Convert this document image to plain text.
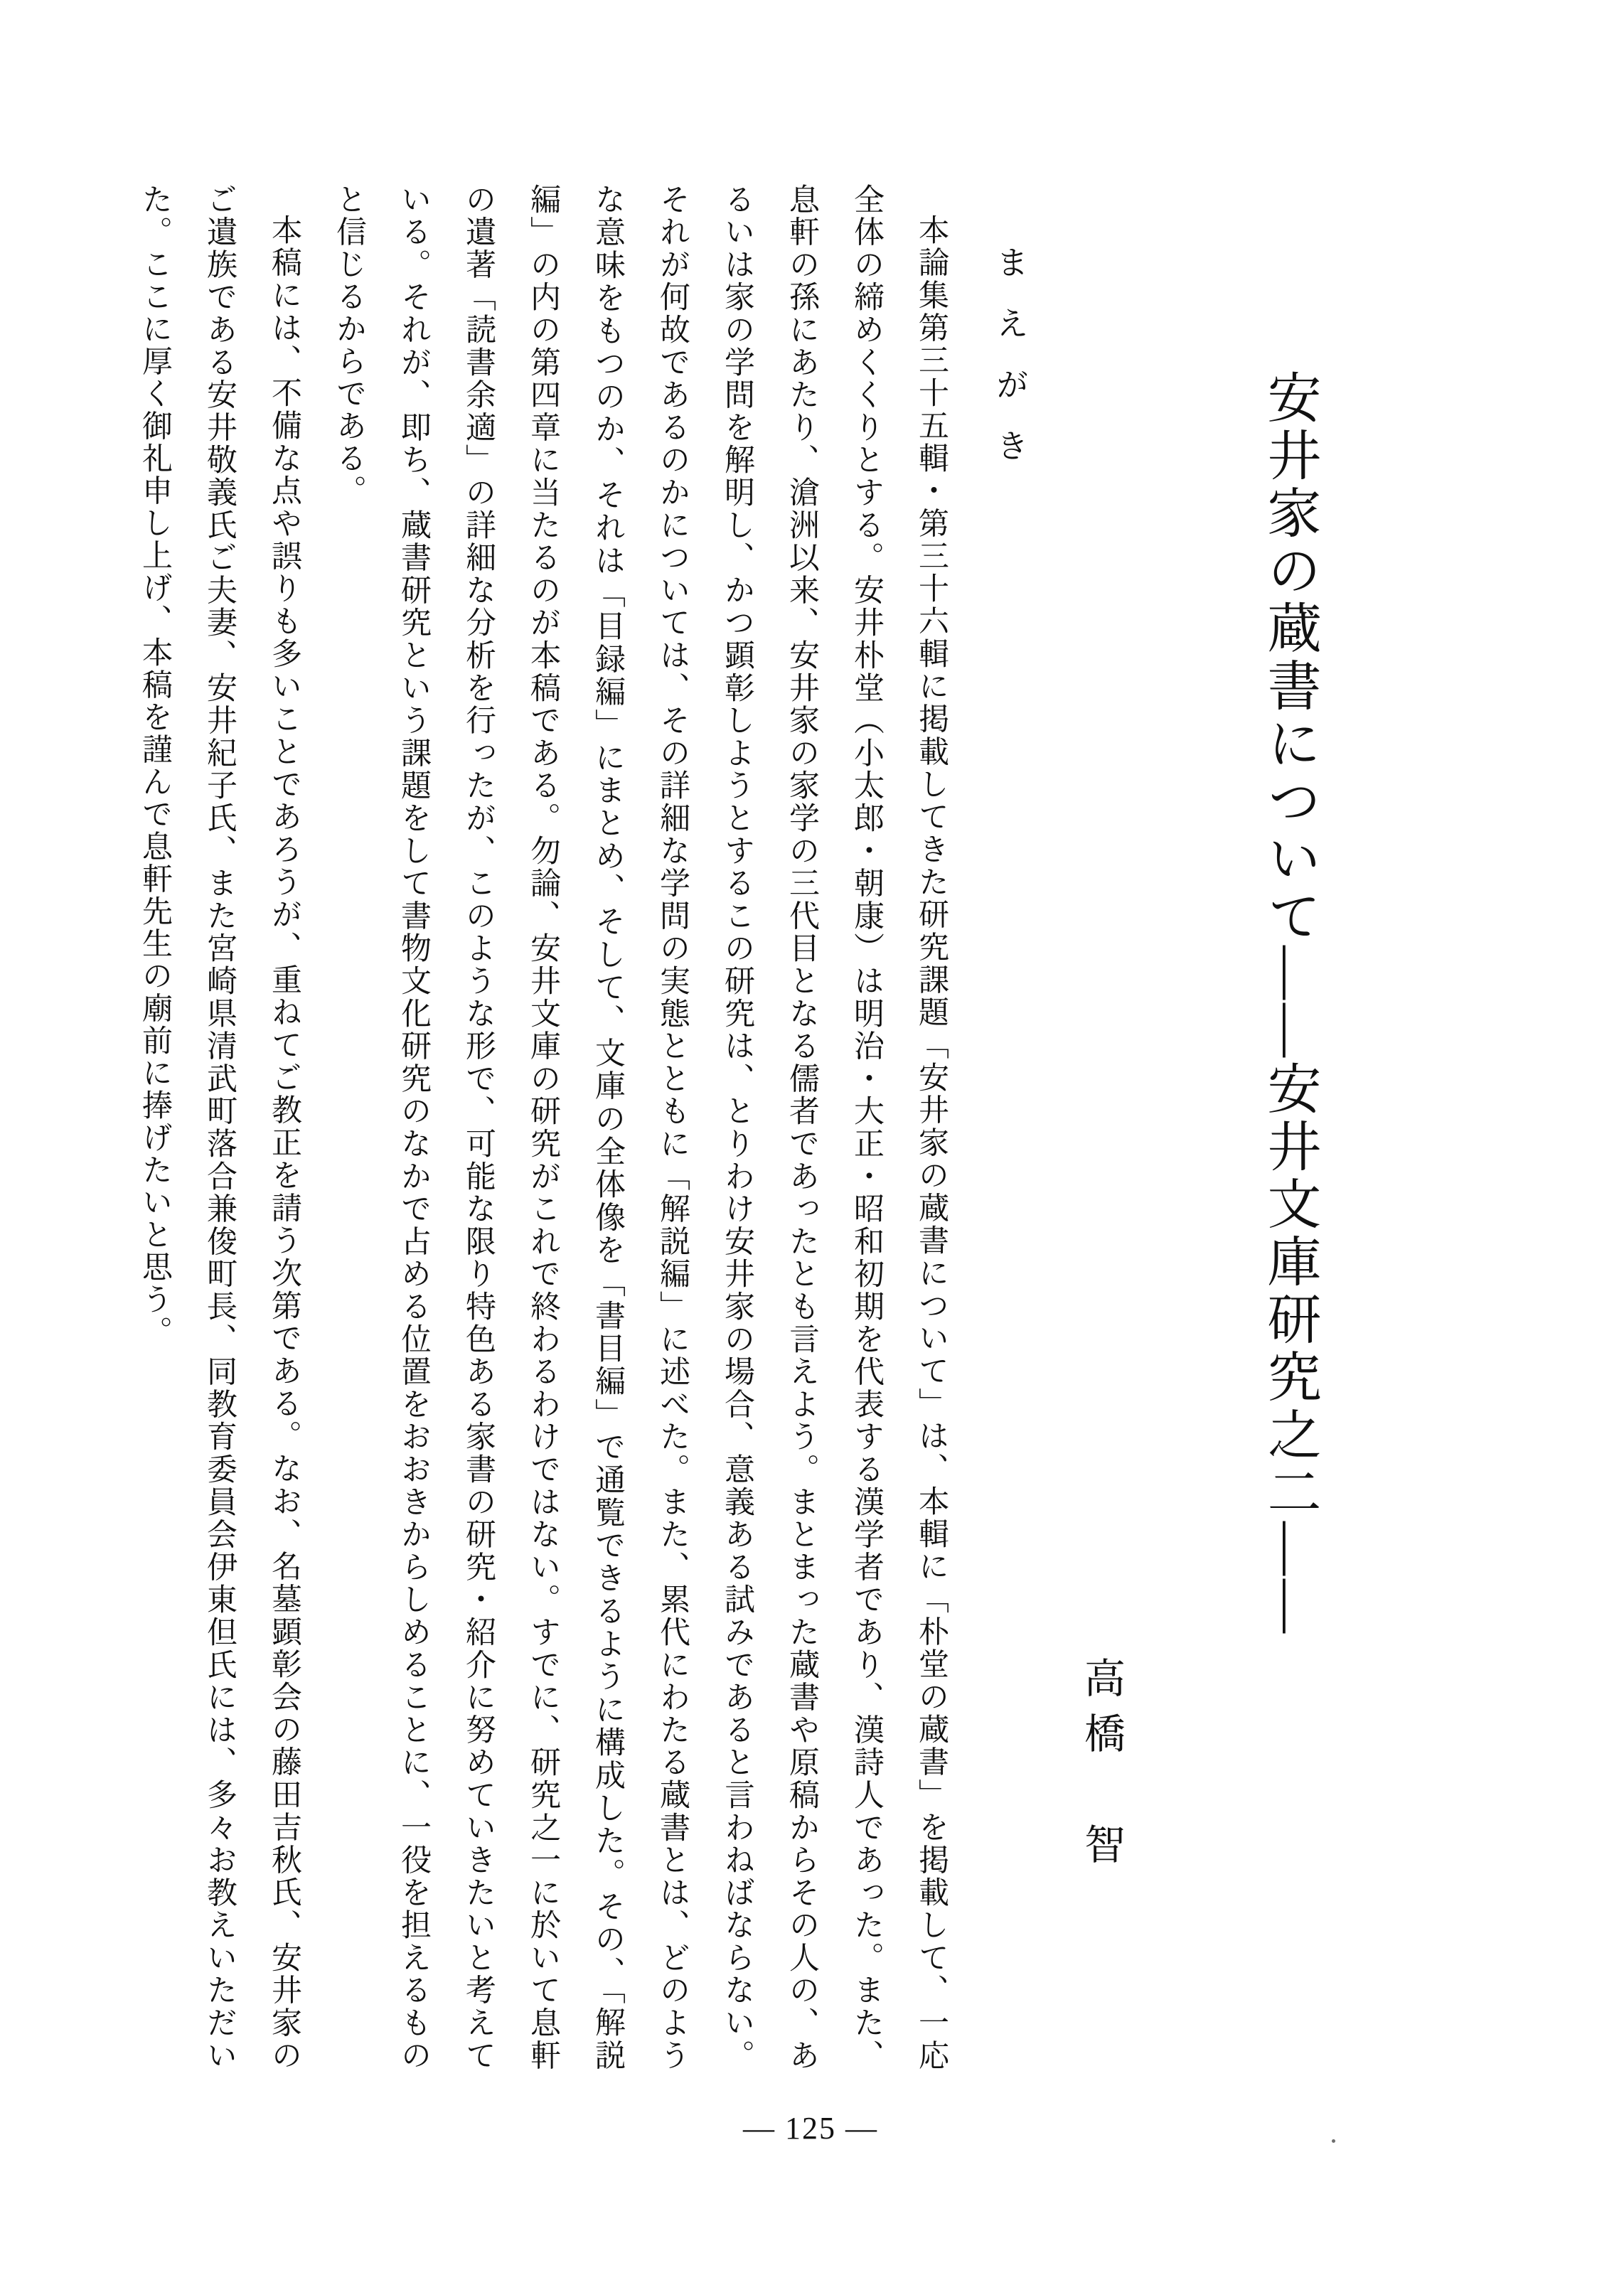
安井家の蔵書について――安井文庫研究之二――
高橋　智
まえがき

本論集第三十五輯・第三十六輯に掲載してきた研究課題「安井家の蔵書について」は、本輯に「朴堂の蔵書」を掲載して、一応全体の締めくくりとする。安井朴堂（小太郎・朝康）は明治・大正・昭和初期を代表する漢学者であり、漢詩人であった。また、息軒の孫にあたり、滄洲以来、安井家の家学の三代目となる儒者であったとも言えよう。まとまった蔵書や原稿からその人の、あるいは家の学問を解明し、かつ顕彰しようとするこの研究は、とりわけ安井家の場合、意義ある試みであると言わねばならない。それが何故であるのかについては、その詳細な学問の実態とともに「解説編」に述べた。また、累代にわたる蔵書とは、どのような意味をもつのか、それは「目録編」にまとめ、そして、文庫の全体像を「書目編」で通覧できるように構成した。その、「解説編」の内の第四章に当たるのが本稿である。勿論、安井文庫の研究がこれで終わるわけではない。すでに、研究之一に於いて息軒の遺著「読書余適」の詳細な分析を行ったが、このような形で、可能な限り特色ある家書の研究・紹介に努めていきたいと考えている。それが、即ち、蔵書研究という課題をして書物文化研究のなかで占める位置をおおきからしめることに、一役を担えるものと信じるからである。

本稿には、不備な点や誤りも多いことであろうが、重ねてご教正を請う次第である。なお、名墓顕彰会の藤田吉秋氏、安井家のご遺族である安井敬義氏ご夫妻、安井紀子氏、また宮崎県清武町落合兼俊町長、同教育委員会伊東但氏には、多々お教えいただいた。ここに厚く御礼申し上げ、本稿を謹んで息軒先生の廟前に捧げたいと思う。

― 125 ―
